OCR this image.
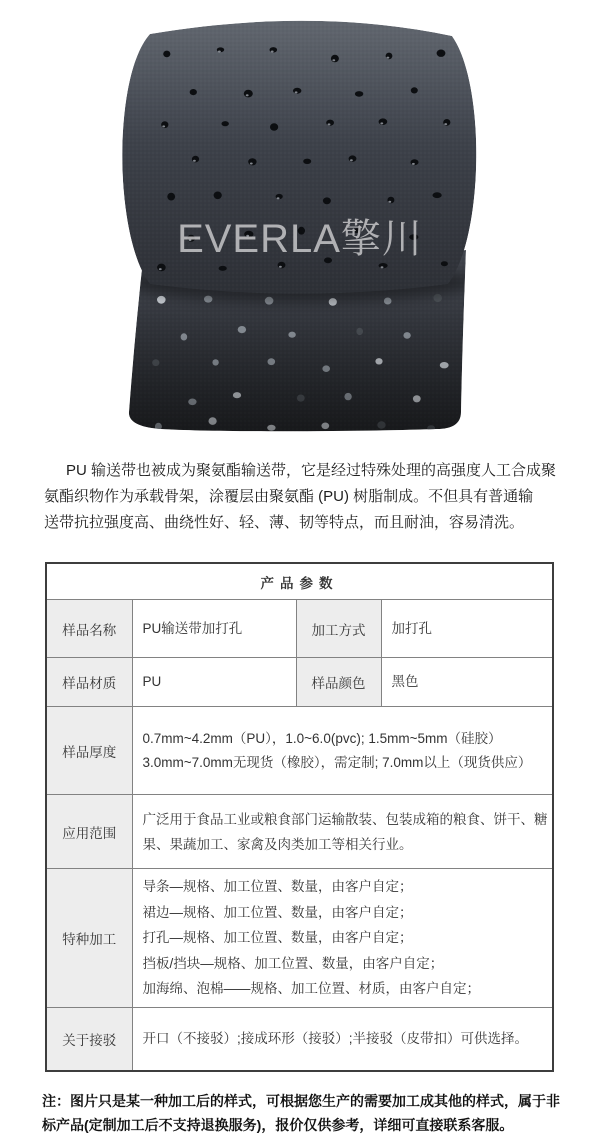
EVERLA擎川
PU 输送带也被成为聚氨酯输送带，它是经过特殊处理的高强度人工合成聚
氨酯织物作为承载骨架，涂覆层由聚氨酯 (PU) 树脂制成。不但具有普通输
送带抗拉强度高、曲绕性好、轻、薄、韧等特点，而且耐油，容易清洗。
产品参数			
样品名称	PU输送带加打孔	加工方式	加打孔
样品材质	PU	样品颜色	黑色
样品厚度	0.7mm~4.2mm（PU），1.0~6.0(pvc); 1.5mm~5mm（硅胶）
3.0mm~7.0mm无现货（橡胶），需定制; 7.0mm以上（现货供应）		

应用范围	广泛用于食品工业或粮食部门运输散装、包装成箱的粮食、饼干、糖
果、果蔬加工、家禽及肉类加工等相关行业。		

特种加工	导条—规格、加工位置、数量，由客户自定；
裙边—规格、加工位置、数量，由客户自定；
打孔—规格、加工位置、数量，由客户自定；
挡板/挡块—规格、加工位置、数量，由客户自定；
加海绵、泡棉——规格、加工位置、材质，由客户自定；		

关于接驳	开口（不接驳）;接成环形（接驳）;半接驳（皮带扣）可供选择。		
注：图片只是某一种加工后的样式，可根据您生产的需要加工成其他的样式，属于非
标产品(定制加工后不支持退换服务)，报价仅供参考，详细可直接联系客服。
